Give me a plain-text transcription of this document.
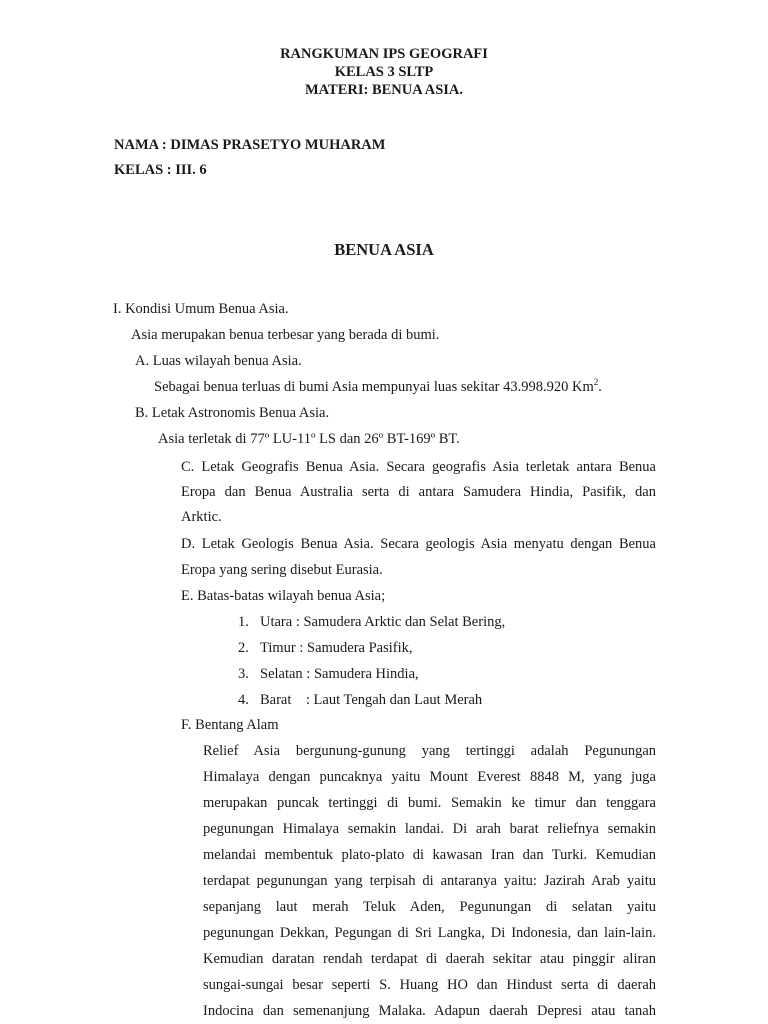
RANGKUMAN IPS GEOGRAFI
KELAS 3 SLTP
MATERI: BENUA ASIA.
NAMA : DIMAS PRASETYO MUHARAM
KELAS : III. 6
BENUA ASIA
I. Kondisi Umum Benua Asia.
Asia merupakan benua terbesar yang berada di bumi.
A. Luas wilayah benua Asia.
Sebagai benua terluas di bumi Asia mempunyai luas sekitar 43.998.920 Km$^2$.
B. Letak Astronomis Benua Asia.
Asia terletak di 77º LU-11º LS dan 26º BT-169º BT.
C. Letak Geografis Benua Asia. Secara geografis Asia terletak antara Benua
Eropa dan Benua Australia serta di antara Samudera Hindia, Pasifik, dan
Arktic.
D. Letak Geologis Benua Asia. Secara geologis Asia menyatu dengan Benua
Eropa yang sering disebut Eurasia.
E. Batas-batas wilayah benua Asia;
1. Utara : Samudera Arktic dan Selat Bering,
2. Timur : Samudera Pasifik,
3. Selatan : Samudera Hindia,
4. Barat    : Laut Tengah dan Laut Merah
F. Bentang Alam
Relief Asia bergunung-gunung yang tertinggi adalah Pegunungan
Himalaya dengan puncaknya yaitu Mount Everest 8848 M, yang juga
merupakan puncak tertinggi di bumi. Semakin ke timur dan tenggara
pegunungan Himalaya semakin landai. Di arah barat reliefnya semakin
melandai membentuk plato-plato di kawasan Iran dan Turki. Kemudian
terdapat pegunungan yang terpisah di antaranya yaitu: Jazirah Arab yaitu
sepanjang laut merah Teluk Aden, Pegunungan di selatan yaitu
pegunungan Dekkan, Pegungan di Sri Langka, Di Indonesia, dan lain-lain.
Kemudian daratan rendah terdapat di daerah sekitar atau pinggir aliran
sungai-sungai besar seperti S. Huang HO dan Hindust serta di daerah
Indocina dan semenanjung Malaka. Adapun daerah Depresi atau tanah
